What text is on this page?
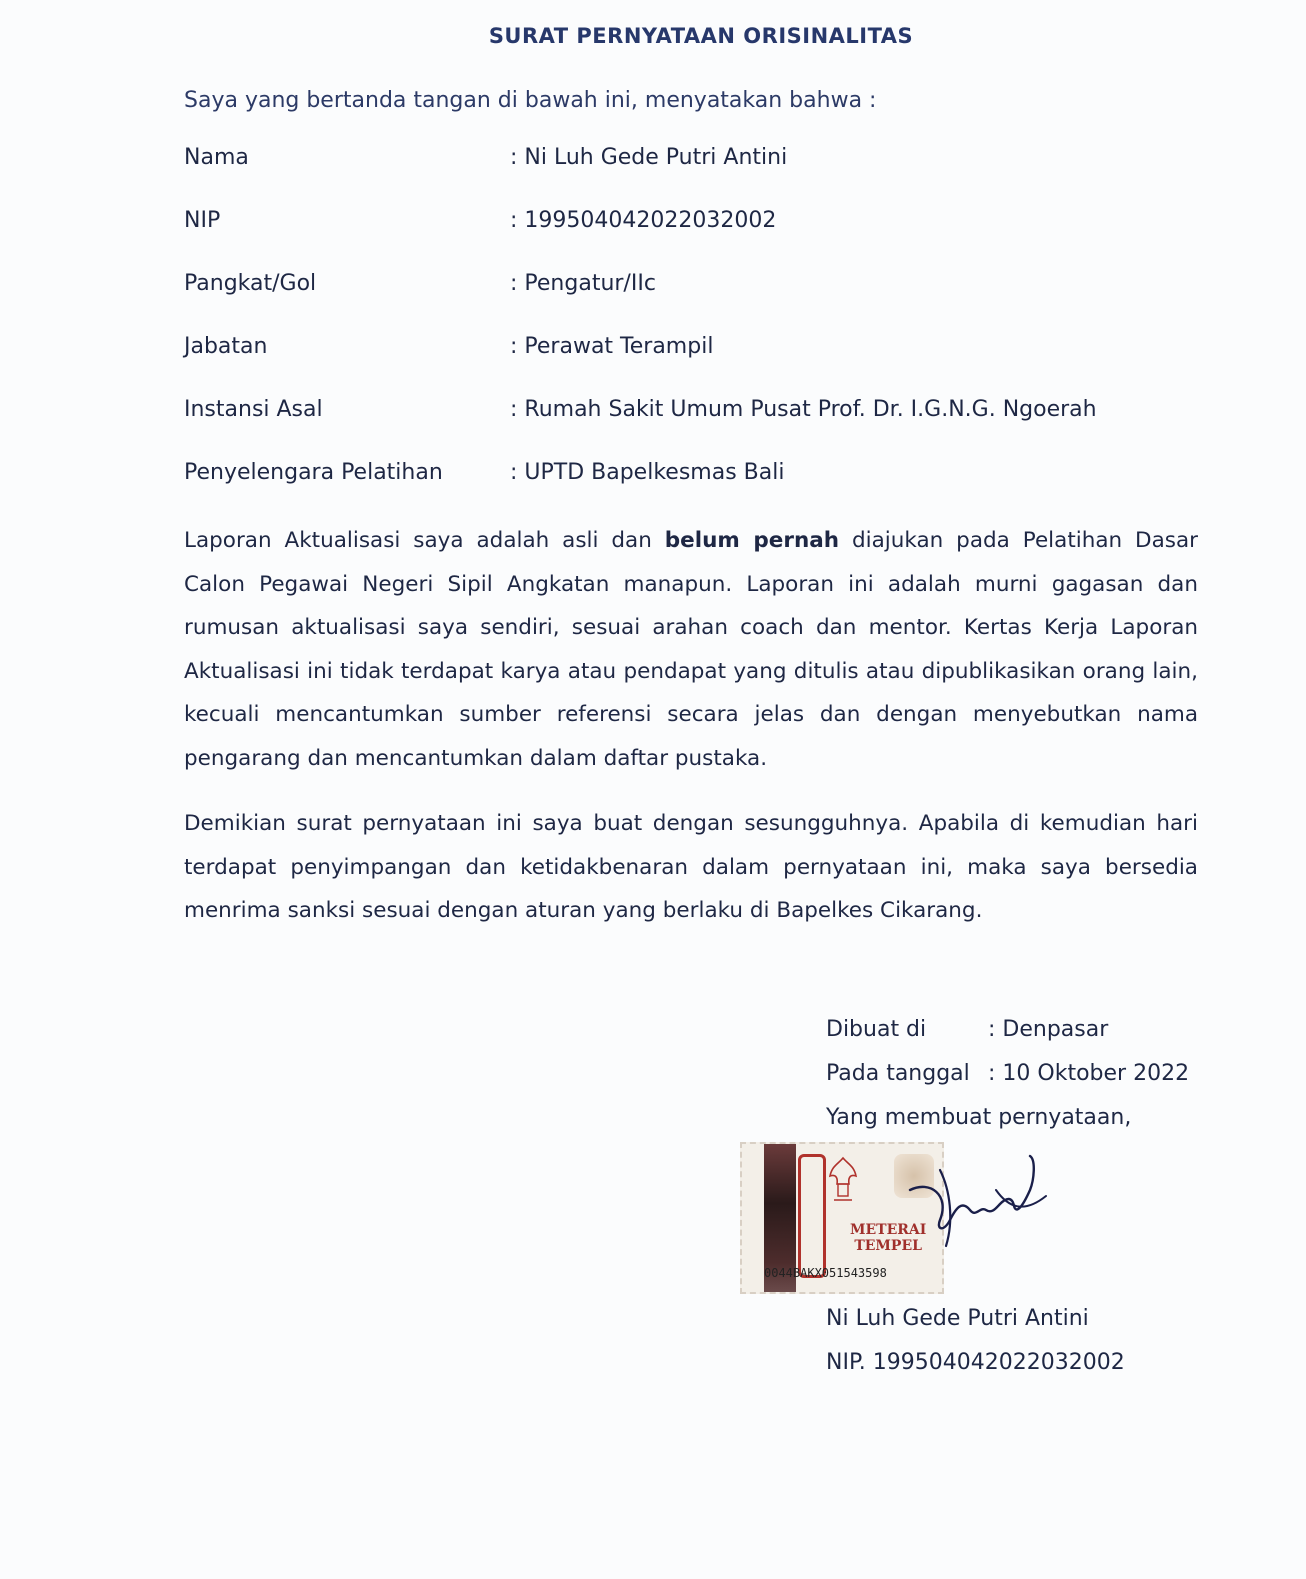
SURAT PERNYATAAN ORISINALITAS
Saya yang bertanda tangan di bawah ini, menyatakan bahwa :
Nama	: Ni Luh Gede Putri Antini
NIP	: 199504042022032002
Pangkat/Gol	: Pengatur/IIc
Jabatan	: Perawat Terampil
Instansi Asal	: Rumah Sakit Umum Pusat Prof. Dr. I.G.N.G. Ngoerah
Penyelengara Pelatihan	: UPTD Bapelkesmas Bali
Laporan Aktualisasi saya adalah asli dan belum pernah diajukan pada Pelatihan Dasar Calon Pegawai Negeri Sipil Angkatan manapun. Laporan ini adalah murni gagasan dan rumusan aktualisasi saya sendiri, sesuai arahan coach dan mentor. Kertas Kerja Laporan Aktualisasi ini tidak terdapat karya atau pendapat yang ditulis atau dipublikasikan orang lain, kecuali mencantumkan sumber referensi secara jelas dan dengan menyebutkan nama pengarang dan mencantumkan dalam daftar pustaka.
Demikian surat pernyataan ini saya buat dengan sesungguhnya. Apabila di kemudian hari terdapat penyimpangan dan ketidakbenaran dalam pernyataan ini, maka saya bersedia menrima sanksi sesuai dengan aturan yang berlaku di Bapelkes Cikarang.
Dibuat di	: Denpasar
Pada tanggal : 10 Oktober 2022
Yang membuat pernyataan,
METERAI
TEMPEL
0044BAKX051543598
Ni Luh Gede Putri Antini
NIP. 199504042022032002
